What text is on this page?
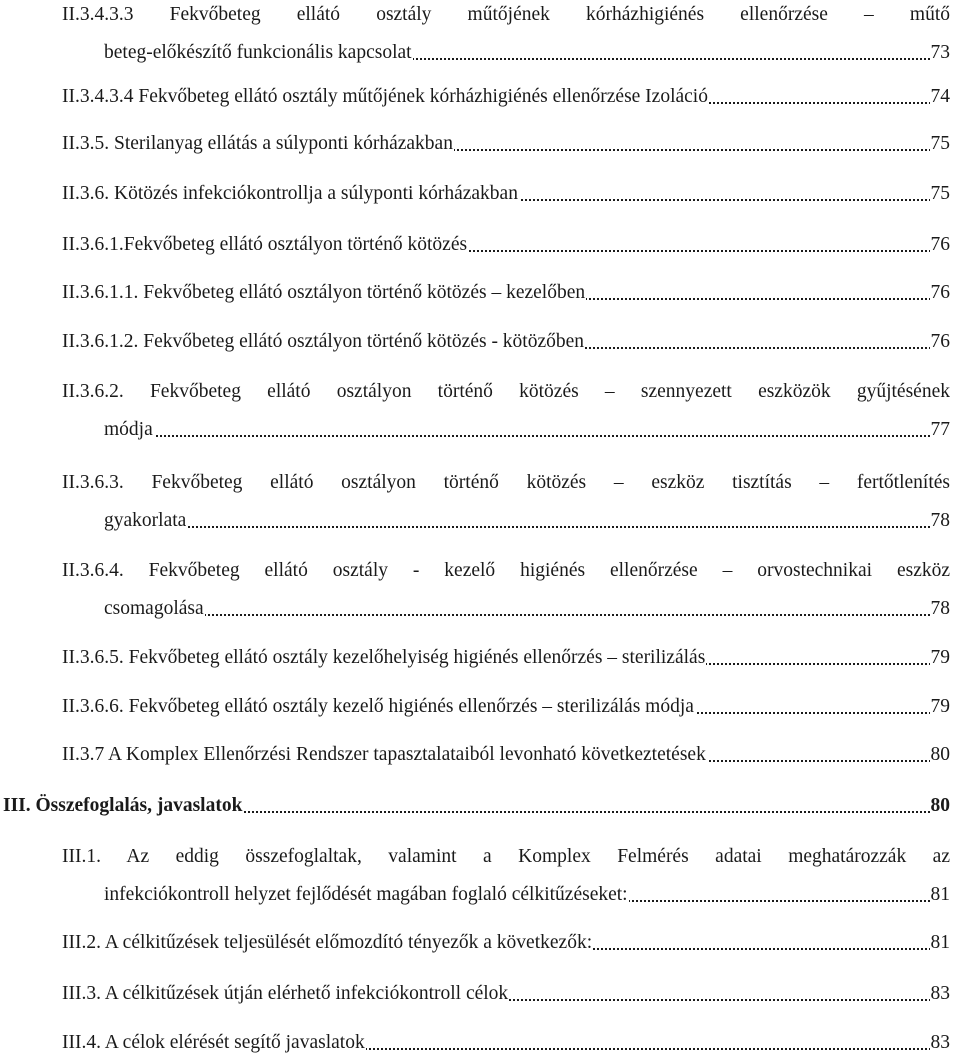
II.3.4.3.3 Fekvőbeteg ellátó osztály műtőjének kórházhigiénés ellenőrzése – műtő
beteg-előkészítő funkcionális kapcsolat	73
II.3.4.3.4 Fekvőbeteg ellátó osztály műtőjének kórházhigiénés ellenőrzése Izoláció	74
II.3.5. Sterilanyag ellátás a súlyponti kórházakban	75
II.3.6. Kötözés infekciókontrollja a súlyponti kórházakban	75
II.3.6.1.Fekvőbeteg ellátó osztályon történő kötözés	76
II.3.6.1.1. Fekvőbeteg ellátó osztályon történő kötözés – kezelőben	76
II.3.6.1.2. Fekvőbeteg ellátó osztályon történő kötözés - kötözőben	76
II.3.6.2. Fekvőbeteg ellátó osztályon történő kötözés – szennyezett eszközök gyűjtésének
módja	77
II.3.6.3. Fekvőbeteg ellátó osztályon történő kötözés – eszköz tisztítás – fertőtlenítés
gyakorlata	78
II.3.6.4. Fekvőbeteg ellátó osztály - kezelő higiénés ellenőrzése – orvostechnikai eszköz
csomagolása	78
II.3.6.5. Fekvőbeteg ellátó osztály kezelőhelyiség higiénés ellenőrzés – sterilizálás	79
II.3.6.6. Fekvőbeteg ellátó osztály kezelő higiénés ellenőrzés – sterilizálás módja	79
II.3.7 A Komplex Ellenőrzési Rendszer tapasztalataiból levonható következtetések	80
III. Összefoglalás, javaslatok	80
III.1. Az eddig összefoglaltak, valamint a Komplex Felmérés adatai meghatározzák az
infekciókontroll helyzet fejlődését magában foglaló célkitűzéseket:	81
III.2. A célkitűzések teljesülését előmozdító tényezők a következők:	81
III.3. A célkitűzések útján elérhető infekciókontroll célok	83
III.4. A célok elérését segítő javaslatok	83
